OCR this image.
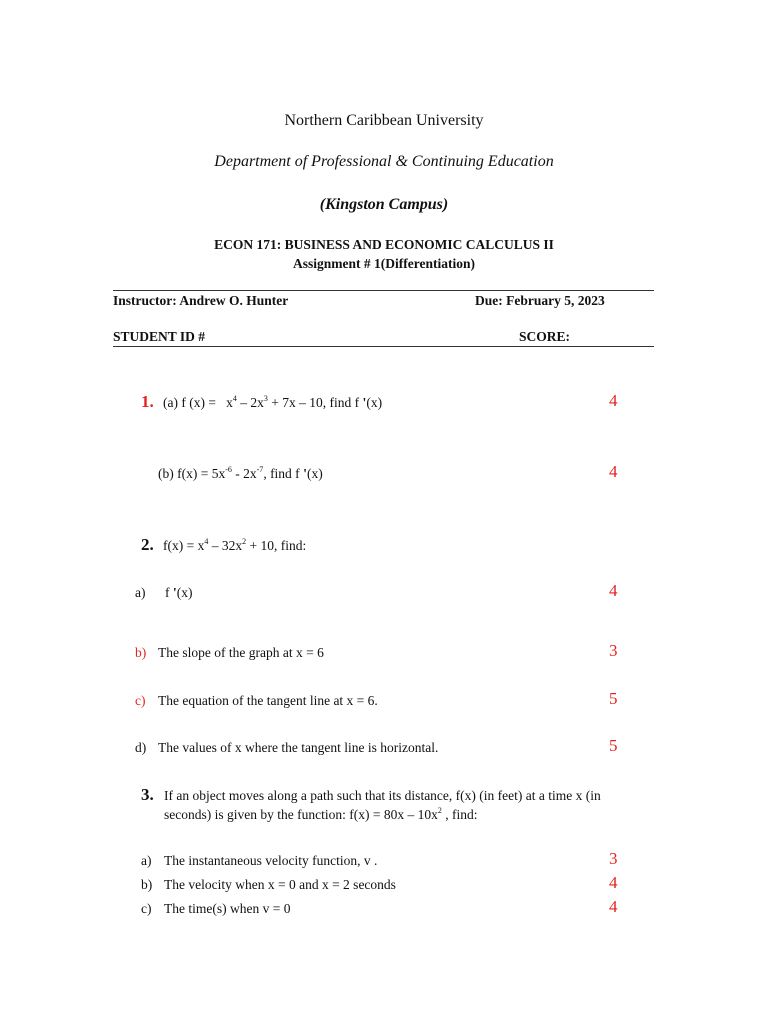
Northern Caribbean University
Department of Professional & Continuing Education
(Kingston Campus)
ECON 171: BUSINESS AND ECONOMIC CALCULUS II
Assignment # 1(Differentiation)
Instructor: Andrew O. Hunter	Due: February 5, 2023
STUDENT ID #	SCORE:
1. (a) f $(x) = x^4 - 2x^3 + 7x - 10$, find f '(x)	4
(b) $f(x) = 5x^{-6} - 2x^{-7}$, find f '(x)	4
2. $f(x) = x^4 - 32x^2 + 10$, find:
a) f '(x)	4
b) The slope of the graph at x = 6	3
c) The equation of the tangent line at x = 6.	5
d) The values of x where the tangent line is horizontal.	5
3. If an object moves along a path such that its distance, f(x) (in feet) at a time x (in
seconds) is given by the function: $f(x) = 80x - 10x^2$ , find:
a) The instantaneous velocity function, v .	3
b) The velocity when x = 0 and x = 2 seconds	4
c) The time(s) when v = 0	4
